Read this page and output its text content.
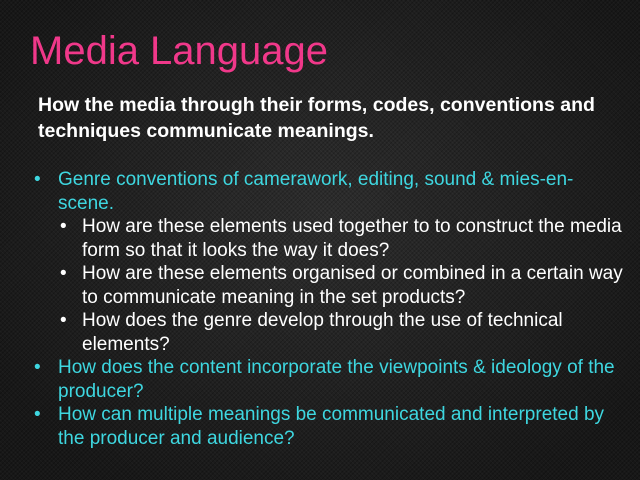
Media Language

How the media through their forms, codes, conventions and techniques communicate meanings.

• Genre conventions of camerawork, editing, sound & mies-en-scene.
• How are these elements used together to to construct the media form so that it looks the way it does?
• How are these elements organised or combined in a certain way to communicate meaning in the set products?
• How does the genre develop through the use of technical elements?
• How does the content incorporate the viewpoints & ideology of the producer?
• How can multiple meanings be communicated and interpreted by the producer and audience?
